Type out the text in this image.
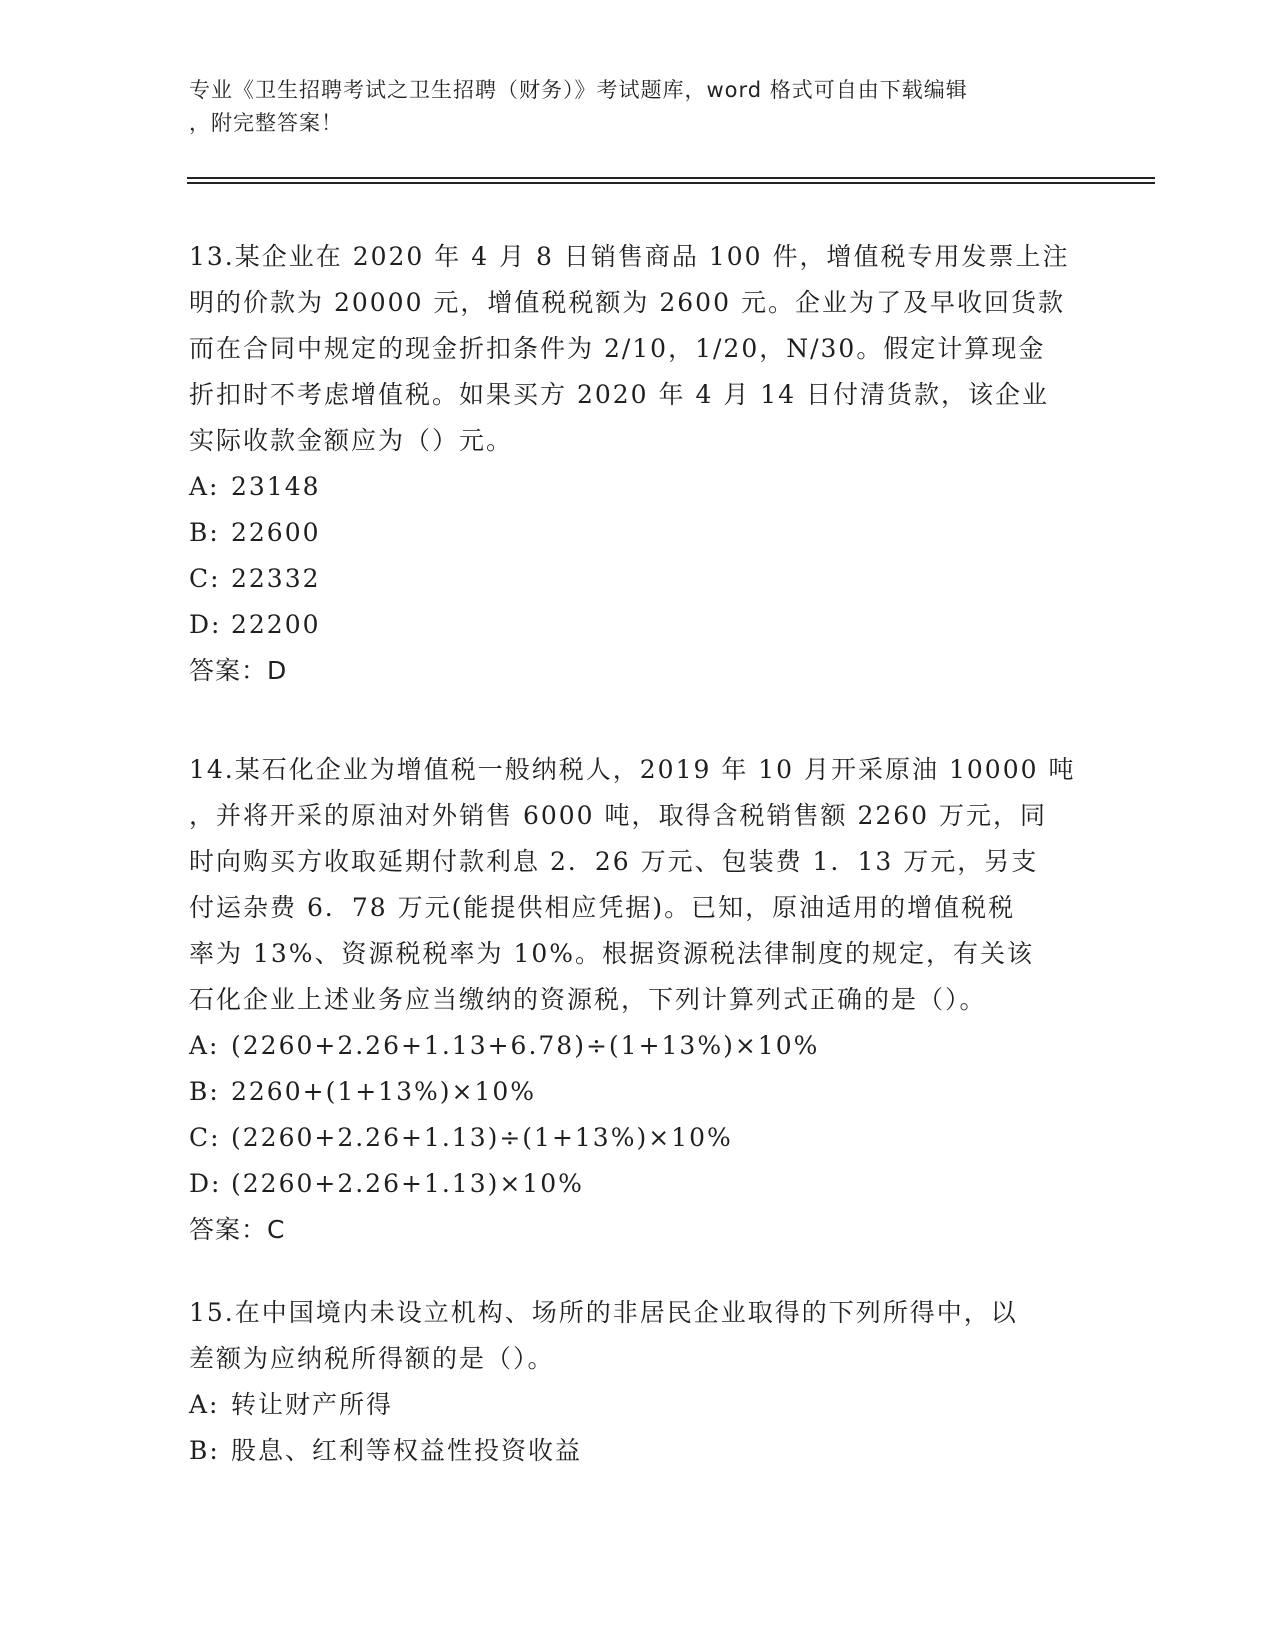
专业《卫生招聘考试之卫生招聘（财务）》考试题库，word 格式可自由下载编辑
，附完整答案！
13.某企业在 2020 年 4 月 8 日销售商品 100 件，增值税专用发票上注
明的价款为 20000 元，增值税税额为 2600 元。企业为了及早收回货款
而在合同中规定的现金折扣条件为 2/10，1/20，N/30。假定计算现金
折扣时不考虑增值税。如果买方 2020 年 4 月 14 日付清货款，该企业
实际收款金额应为（）元。
A: 23148
B: 22600
C: 22332
D: 22200
答案：D
14.某石化企业为增值税一般纳税人，2019 年 10 月开采原油 10000 吨
，并将开采的原油对外销售 6000 吨，取得含税销售额 2260 万元，同
时向购买方收取延期付款利息 2．26 万元、包装费 1．13 万元，另支
付运杂费 6．78 万元(能提供相应凭据)。已知，原油适用的增值税税
率为 13%、资源税税率为 10%。根据资源税法律制度的规定，有关该
石化企业上述业务应当缴纳的资源税，下列计算列式正确的是（）。
A: (2260+2.26+1.13+6.78)÷(1+13%)×10%
B: 2260+(1+13%)×10%
C: (2260+2.26+1.13)÷(1+13%)×10%
D: (2260+2.26+1.13)×10%
答案：C
15.在中国境内未设立机构、场所的非居民企业取得的下列所得中，以
差额为应纳税所得额的是（）。
A: 转让财产所得
B: 股息、红利等权益性投资收益
